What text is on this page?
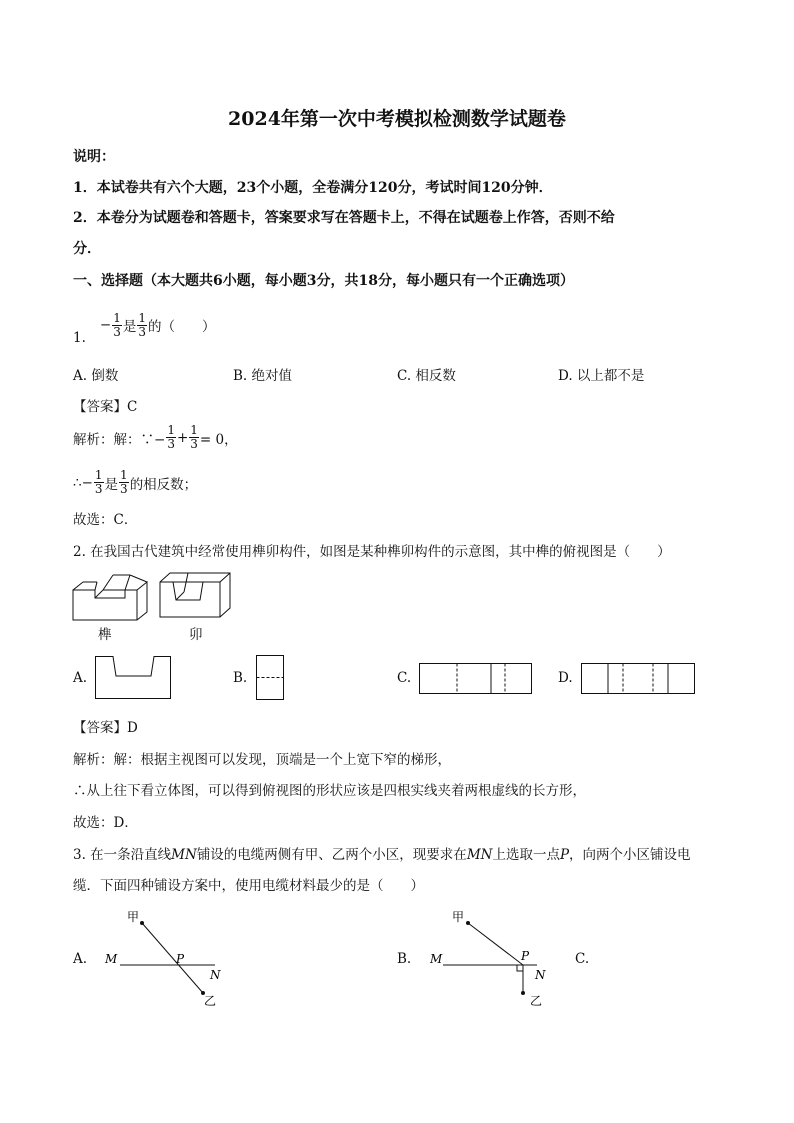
2024年第一次中考模拟检测数学试题卷
说明：
1．本试卷共有六个大题，23个小题，全卷满分120分，考试时间120分钟．
2．本卷分为试题卷和答题卡，答案要求写在答题卡上，不得在试题卷上作答，否则不给
分．
一、选择题（本大题共6小题，每小题3分，共18分，每小题只有一个正确选项）
1.
− $\frac{1}{3}$ 是 $\frac{1}{3}$ 的（　　）
A. 倒数	B. 绝对值	C. 相反数	D. 以上都不是
【答案】C
解析：解：∵− $\frac{1}{3} + \frac{1}{3} = 0$，
∴− $\frac{1}{3}$ 是 $\frac{1}{3}$ 的相反数；
故选：C．
2. 在我国古代建筑中经常使用榫卯构件，如图是某种榫卯构件的示意图，其中榫的俯视图是（　　）
榫	卯
A.	B.	C.	D.
【答案】D
解析：解：根据主视图可以发现，顶端是一个上宽下窄的梯形，
∴从上往下看立体图，可以得到俯视图的形状应该是四根实线夹着两根虚线的长方形，
故选：D．
3. 在一条沿直线MN铺设的电缆两侧有甲、乙两个小区，现要求在MN上选取一点P，向两个小区铺设电
缆．下面四种铺设方案中，使用电缆材料最少的是（　　）
A.
甲
乙
M	P
N
B.
甲
乙
M	P
N
C.
